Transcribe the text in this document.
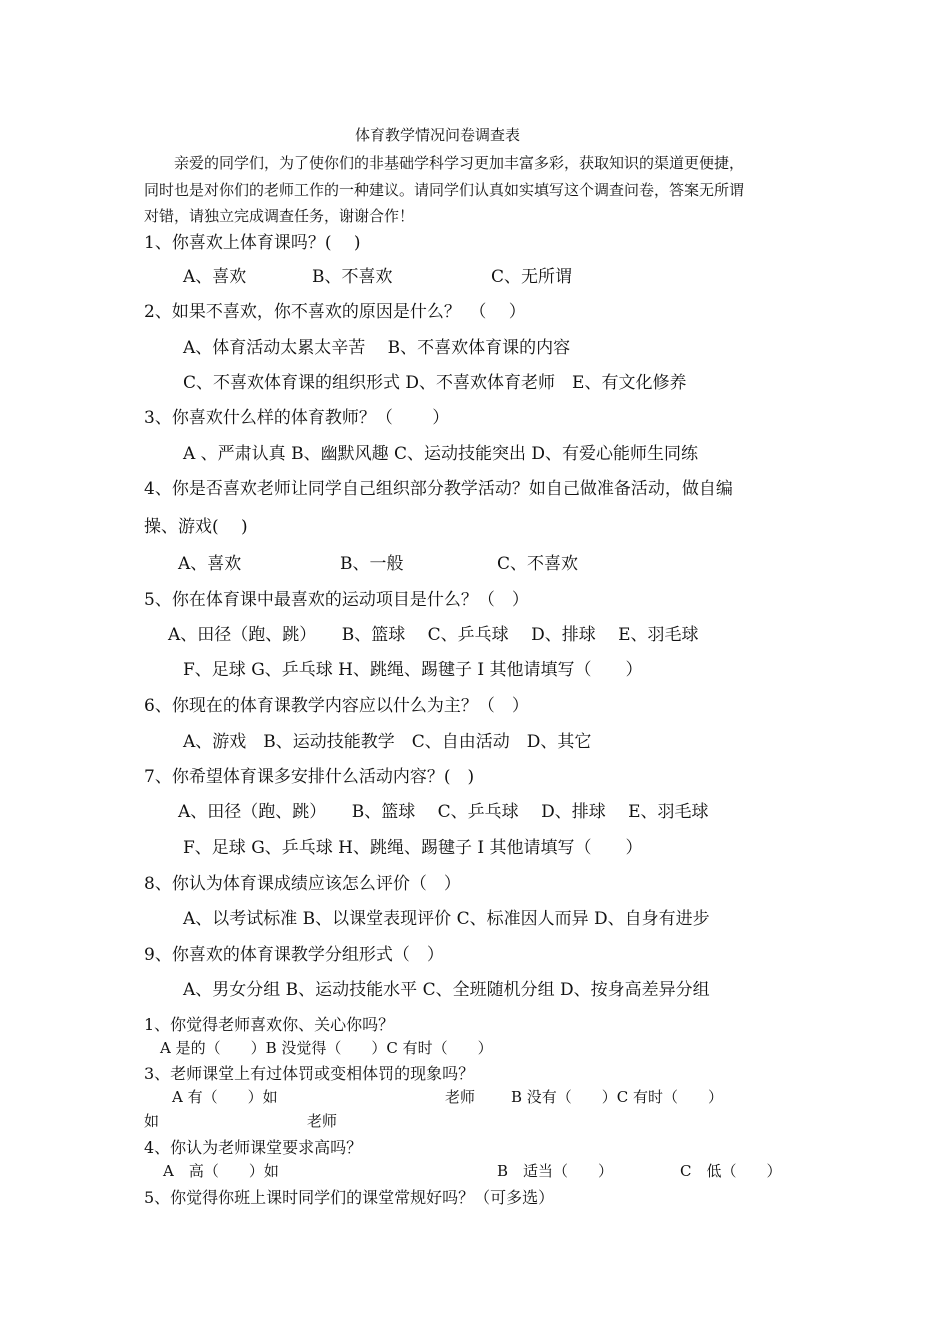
体育教学情况问卷调查表
　　亲爱的同学们，为了使你们的非基础学科学习更加丰富多彩，获取知识的渠道更便捷，
同时也是对你们的老师工作的一种建议。请同学们认真如实填写这个调查问卷，答案无所谓
对错，请独立完成调查任务，谢谢合作！
1、你喜欢上体育课吗？(　 )
A、喜欢	B、不喜欢	C、无所谓
2、如果不喜欢，你不喜欢的原因是什么？　（　 ）
A、体育活动太累太辛苦　 B、不喜欢体育课的内容
C、不喜欢体育课的组织形式 D、不喜欢体育老师　E、有文化修养
3、你喜欢什么样的体育教师？（　　 ）
A 、严肃认真 B、幽默风趣 C、运动技能突出 D、有爱心能师生同练
4、你是否喜欢老师让同学自己组织部分教学活动？如自己做准备活动，做自编
操、游戏(　 )
A、喜欢	B、一般	C、不喜欢
5、你在体育课中最喜欢的运动项目是什么？（　）
A、田径（跑、跳）　　B、篮球　 C、乒乓球　 D、排球　 E、羽毛球
F、足球 G、乒乓球 H、跳绳、踢毽子 I 其他请填写（　　）
6、你现在的体育课教学内容应以什么为主？（　）
A、游戏　B、运动技能教学　C、自由活动　D、其它
7、你希望体育课多安排什么活动内容？(　)
A、田径（跑、跳）　　B、篮球　 C、乒乓球　 D、排球　 E、羽毛球
F、足球 G、乒乓球 H、跳绳、踢毽子 I 其他请填写（　　）
8、你认为体育课成绩应该怎么评价（　）
A、以考试标准 B、以课堂表现评价 C、标准因人而异 D、自身有进步
9、你喜欢的体育课教学分组形式（　）
A、男女分组 B、运动技能水平 C、全班随机分组 D、按身高差异分组
1、你觉得老师喜欢你、关心你吗？
A 是的（　　）B 没觉得（　　）C 有时（　　）
3、老师课堂上有过体罚或变相体罚的现象吗？
A 有（　　）如	老师 B 没有（　　）C 有时（　　）
如	老师
4、你认为老师课堂要求高吗？
A　高（　　）如	B　适当（　　）	C　低（　　）
5、你觉得你班上课时同学们的课堂常规好吗？（可多选）
